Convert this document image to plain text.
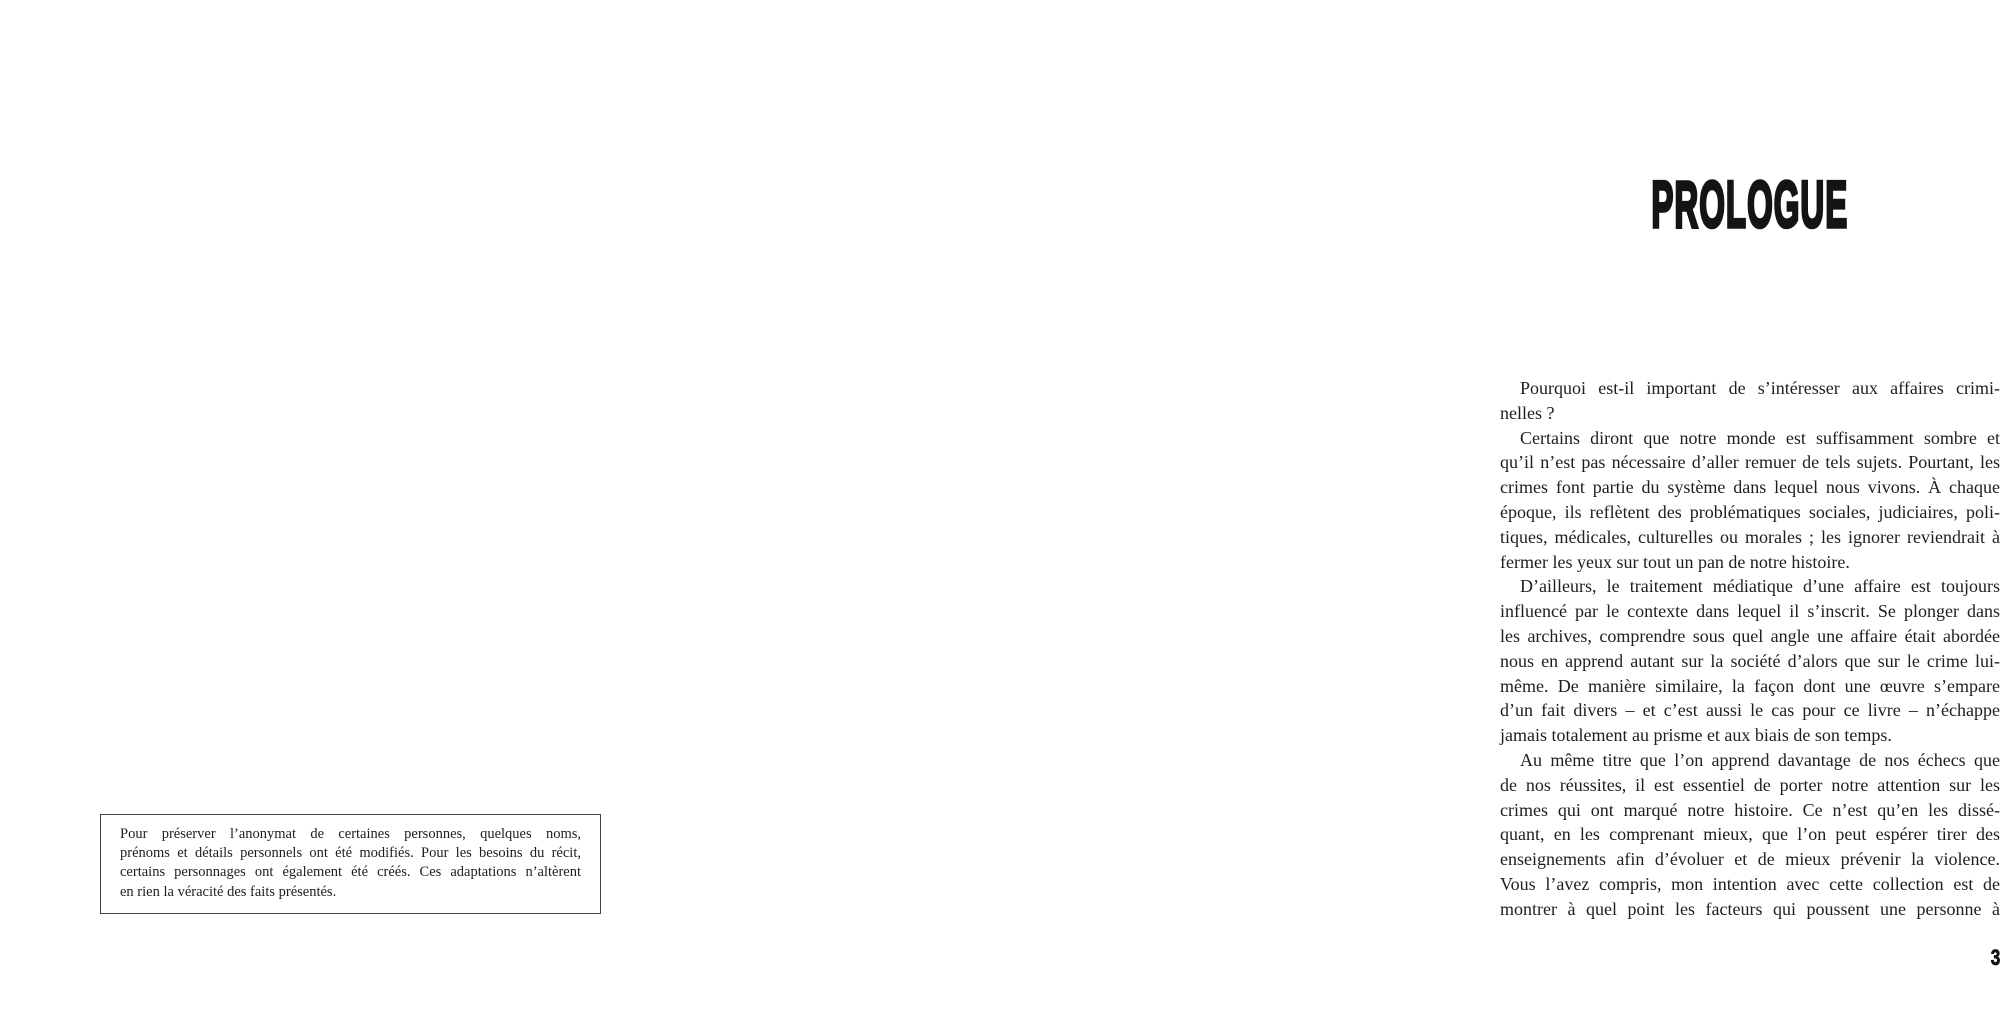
Pour préserver l’anonymat de certaines personnes, quelques noms,
prénoms et détails personnels ont été modifiés. Pour les besoins du récit,
certains personnages ont également été créés. Ces adaptations n’altèrent
en rien la véracité des faits présentés.
PROLOGUE
Pourquoi est-il important de s’intéresser aux affaires crimi-
nelles ?
Certains diront que notre monde est suffisamment sombre et
qu’il n’est pas nécessaire d’aller remuer de tels sujets. Pourtant, les
crimes font partie du système dans lequel nous vivons. À chaque
époque, ils reflètent des problématiques sociales, judiciaires, poli-
tiques, médicales, culturelles ou morales ; les ignorer reviendrait à
fermer les yeux sur tout un pan de notre histoire.
D’ailleurs, le traitement médiatique d’une affaire est toujours
influencé par le contexte dans lequel il s’inscrit. Se plonger dans
les archives, comprendre sous quel angle une affaire était abordée
nous en apprend autant sur la société d’alors que sur le crime lui-
même. De manière similaire, la façon dont une œuvre s’empare
d’un fait divers – et c’est aussi le cas pour ce livre – n’échappe
jamais totalement au prisme et aux biais de son temps.
Au même titre que l’on apprend davantage de nos échecs que
de nos réussites, il est essentiel de porter notre attention sur les
crimes qui ont marqué notre histoire. Ce n’est qu’en les dissé-
quant, en les comprenant mieux, que l’on peut espérer tirer des
enseignements afin d’évoluer et de mieux prévenir la violence.
Vous l’avez compris, mon intention avec cette collection est de
montrer à quel point les facteurs qui poussent une personne à
3
